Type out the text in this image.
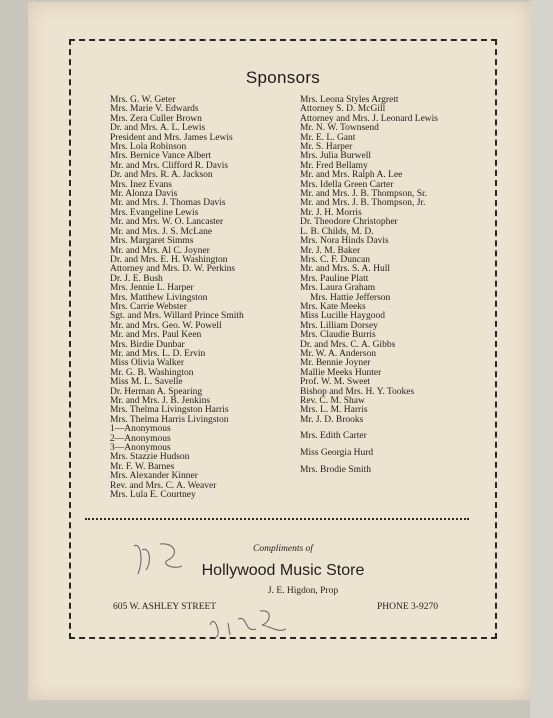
Sponsors
Mrs. G. W. Geter
Mrs. Marie V. Edwards
Mrs. Zera Culler Brown
Dr. and Mrs. A. L. Lewis
President and Mrs. James Lewis
Mrs. Lola Robinson
Mrs. Bernice Vance Albert
Mr. and Mrs. Clifford R. Davis
Dr. and Mrs. R. A. Jackson
Mrs. Inez Evans
Mr. Alonza Davis
Mr. and Mrs. J. Thomas Davis
Mrs. Evangeline Lewis
Mr. and Mrs. W. O. Lancaster
Mr. and Mrs. J. S. McLane
Mrs. Margaret Simms
Mr. and Mrs. Al C. Joyner
Dr. and Mrs. E. H. Washington
Attorney and Mrs. D. W. Perkins
Dr. J. E. Bush
Mrs. Jennie L. Harper
Mrs. Matthew Livingston
Mrs. Carrie Webster
Sgt. and Mrs. Willard Prince Smith
Mr. and Mrs. Geo. W. Powell
Mr. and Mrs. Paul Keen
Mrs. Birdie Dunbar
Mr. and Mrs. L. D. Ervin
Miss Olivia Walker
Mr. G. B. Washington
Miss M. L. Savelle
Dr. Herman A. Spearing
Mr. and Mrs. J. B. Jenkins
Mrs. Thelma Livingston Harris
Mrs. Thelma Harris Livingston
1—Anonymous
2—Anonymous
3—Anonymous
Mrs. Stazzie Hudson
Mr. F. W. Barnes
Mrs. Alexander Kinner
Rev. and Mrs. C. A. Weaver
Mrs. Lula E. Courtney
Mrs. Leona Styles Argrett
Attorney S. D. McGill
Attorney and Mrs. J. Leonard Lewis
Mr. N. W. Townsend
Mr. E. L. Gant
Mr. S. Harper
Mrs. Julia Burwell
Mr. Fred Bellamy
Mr. and Mrs. Ralph A. Lee
Mrs. Idella Green Carter
Mr. and Mrs. J. B. Thompson, Sr.
Mr. and Mrs. J. B. Thompson, Jr.
Mr. J. H. Morris
Dr. Theodore Christopher
L. B. Childs, M. D.
Mrs. Nora Hinds Davis
Mr. J. M. Baker
Mrs. C. F. Duncan
Mr. and Mrs. S. A. Hull
Mrs. Pauline Platt
Mrs. Laura Graham
Mrs. Hattie Jefferson
Mrs. Kate Meeks
Miss Lucille Haygood
Mrs. Lilliam Dorsey
Mrs. Claudie Burris
Dr. and Mrs. C. A. Gibbs
Mr. W. A. Anderson
Mr. Bennie Joyner
Mallie Meeks Hunter
Prof. W. M. Sweet
Bishop and Mrs. H. Y. Tookes
Rev. C. M. Shaw
Mrs. L. M. Harris
Mr. J. D. Brooks
Mrs. Edith Carter
Miss Georgia Hurd
Mrs. Brodie Smith
Compliments of
Hollywood Music Store
J. E. Higdon, Prop
605 W. ASHLEY STREET	PHONE 3-9270
